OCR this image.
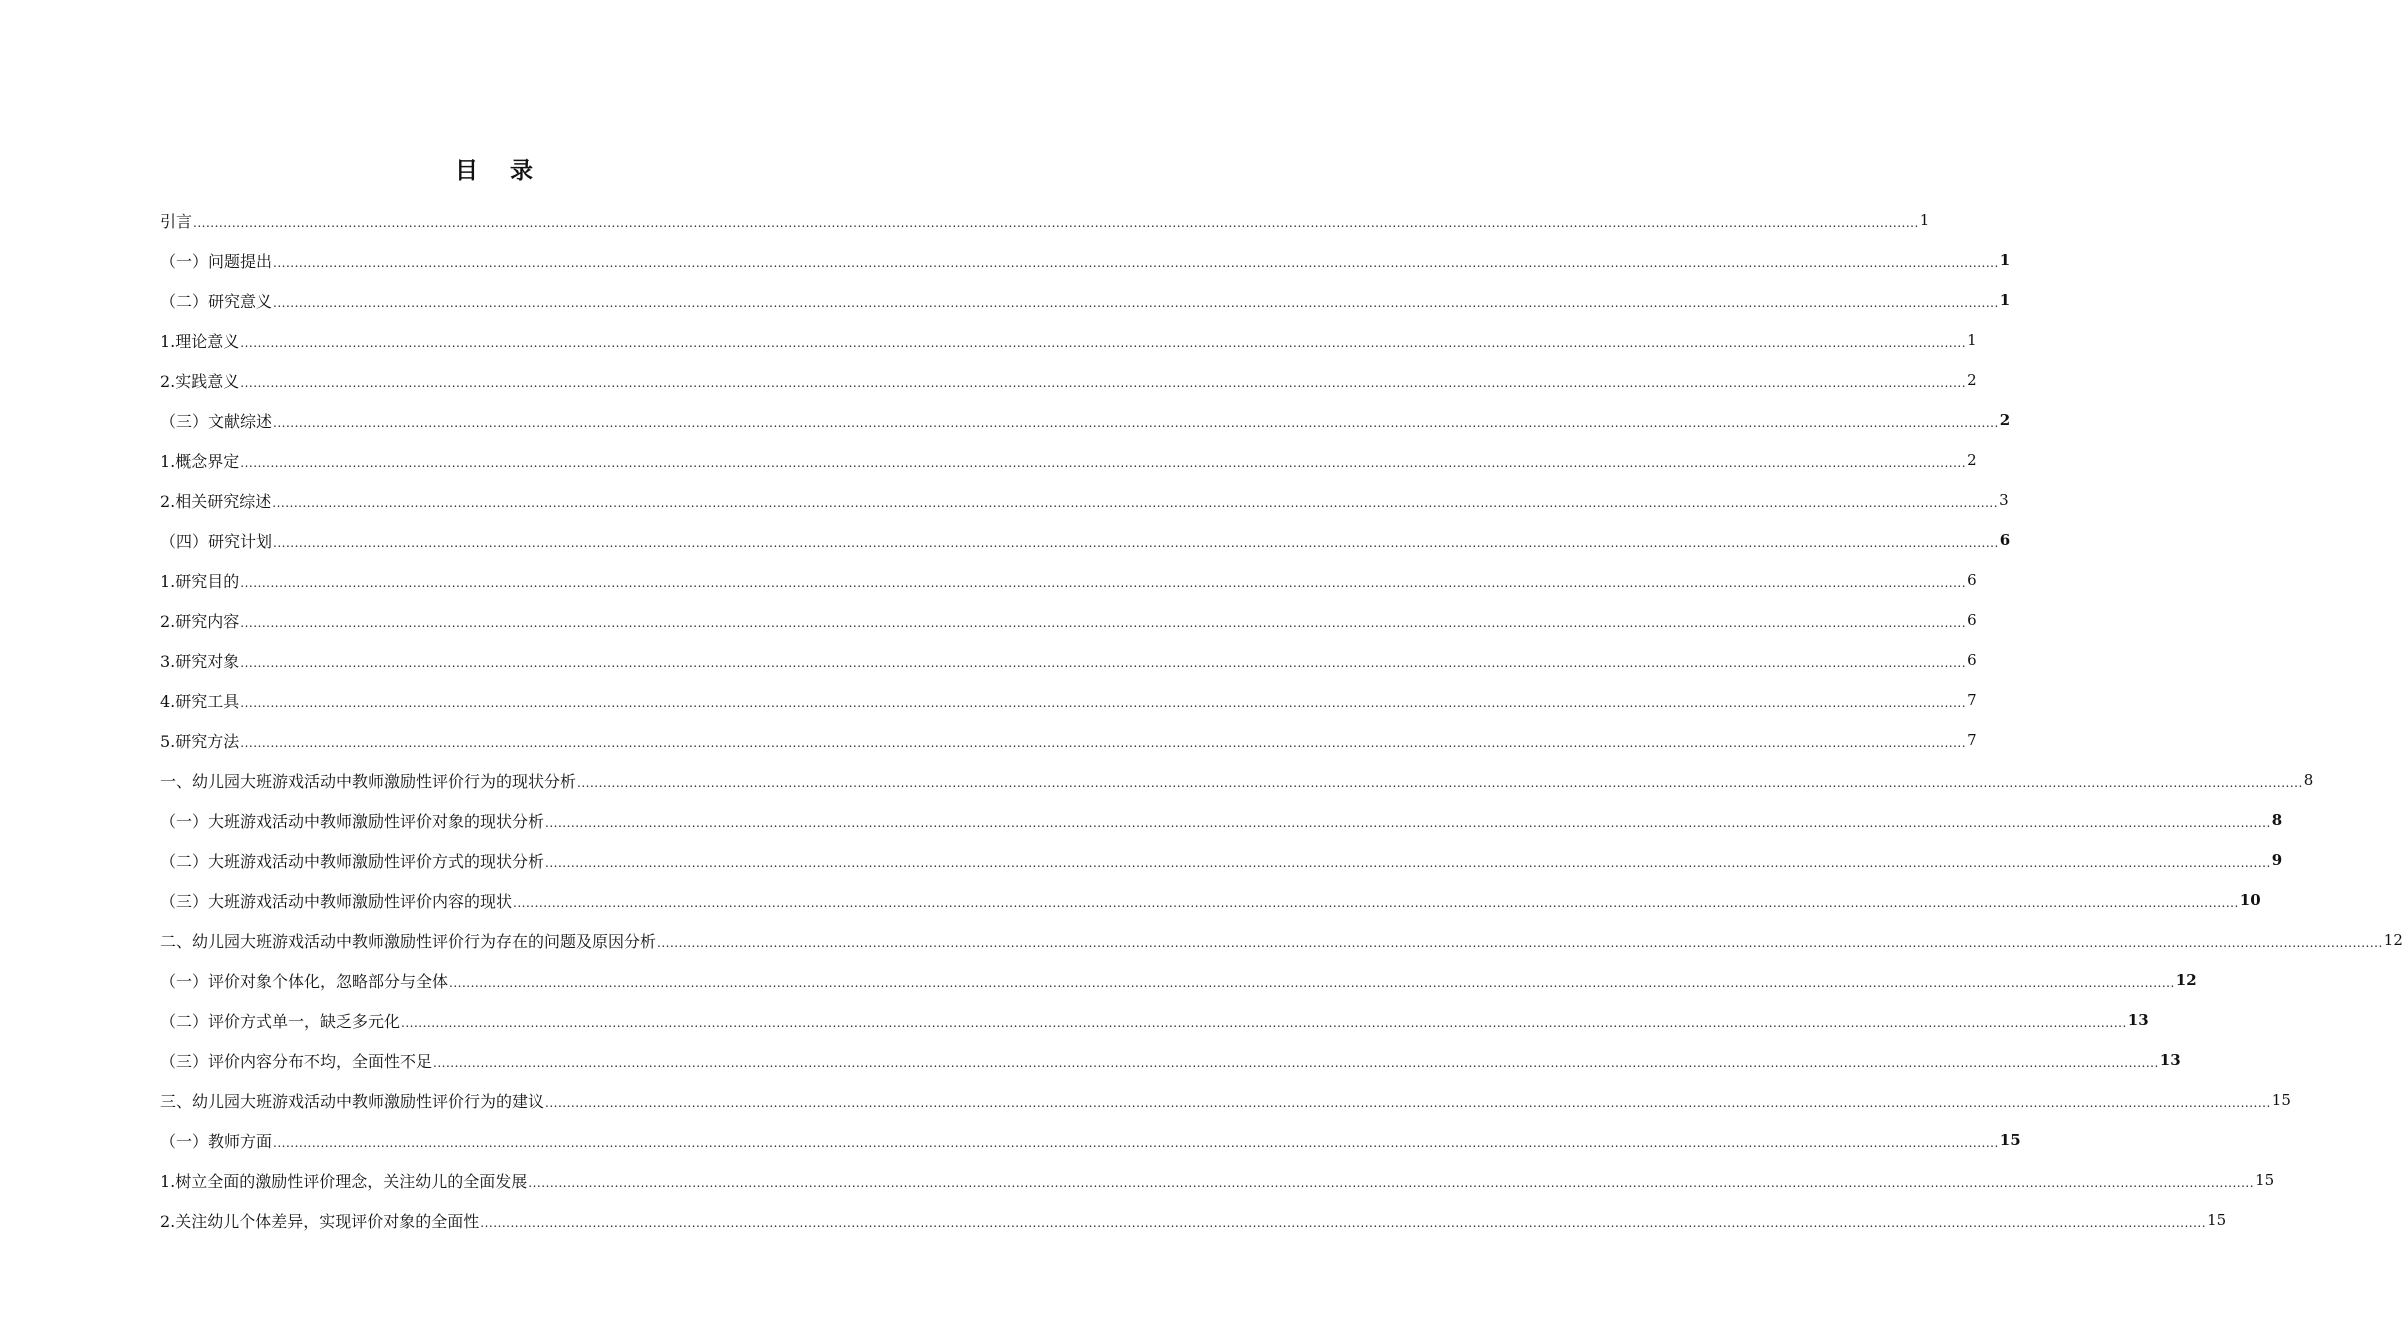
目 录
引言 ................................................................................................................................................................................................................................................................................................................................................................................................................ 1
（一）问题提出 ................................................................................................................................................................................................................................................................................................................................................................................................................ 1
（二）研究意义 ................................................................................................................................................................................................................................................................................................................................................................................................................ 1
1.理论意义 ................................................................................................................................................................................................................................................................................................................................................................................................................ 1
2.实践意义 ................................................................................................................................................................................................................................................................................................................................................................................................................ 2
（三）文献综述 ................................................................................................................................................................................................................................................................................................................................................................................................................ 2
1.概念界定 ................................................................................................................................................................................................................................................................................................................................................................................................................ 2
2.相关研究综述 ................................................................................................................................................................................................................................................................................................................................................................................................................ 3
（四）研究计划 ................................................................................................................................................................................................................................................................................................................................................................................................................ 6
1.研究目的 ................................................................................................................................................................................................................................................................................................................................................................................................................ 6
2.研究内容 ................................................................................................................................................................................................................................................................................................................................................................................................................ 6
3.研究对象 ................................................................................................................................................................................................................................................................................................................................................................................................................ 6
4.研究工具 ................................................................................................................................................................................................................................................................................................................................................................................................................ 7
5.研究方法 ................................................................................................................................................................................................................................................................................................................................................................................................................ 7
一、幼儿园大班游戏活动中教师激励性评价行为的现状分析 ................................................................................................................................................................................................................................................................................................................................................................................................................ 8
（一）大班游戏活动中教师激励性评价对象的现状分析 ................................................................................................................................................................................................................................................................................................................................................................................................................ 8
（二）大班游戏活动中教师激励性评价方式的现状分析 ................................................................................................................................................................................................................................................................................................................................................................................................................ 9
（三）大班游戏活动中教师激励性评价内容的现状 ................................................................................................................................................................................................................................................................................................................................................................................................................ 10
二、幼儿园大班游戏活动中教师激励性评价行为存在的问题及原因分析 ................................................................................................................................................................................................................................................................................................................................................................................................................ 12
（一）评价对象个体化，忽略部分与全体 ................................................................................................................................................................................................................................................................................................................................................................................................................ 12
（二）评价方式单一，缺乏多元化 ................................................................................................................................................................................................................................................................................................................................................................................................................ 13
（三）评价内容分布不均，全面性不足 ................................................................................................................................................................................................................................................................................................................................................................................................................ 13
三、幼儿园大班游戏活动中教师激励性评价行为的建议 ................................................................................................................................................................................................................................................................................................................................................................................................................ 15
（一）教师方面 ................................................................................................................................................................................................................................................................................................................................................................................................................ 15
1.树立全面的激励性评价理念，关注幼儿的全面发展 ................................................................................................................................................................................................................................................................................................................................................................................................................ 15
2.关注幼儿个体差异，实现评价对象的全面性 ................................................................................................................................................................................................................................................................................................................................................................................................................ 15
